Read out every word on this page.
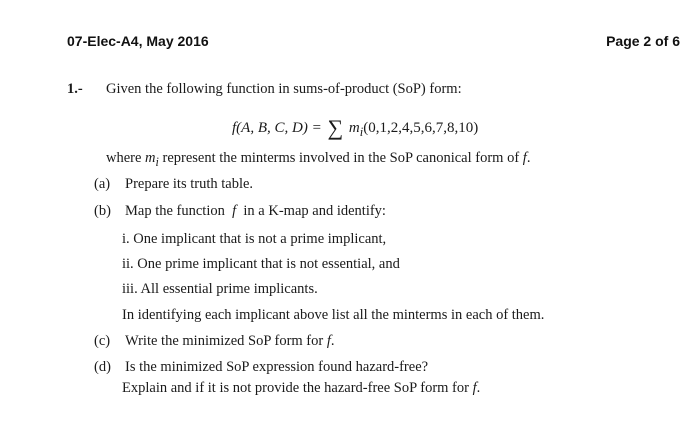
07-Elec-A4, May 2016	Page 2 of 6
1.- Given the following function in sums-of-product (SoP) form:
f(A, B, C, D) = ∑ $m_i(0,1,2,4,5,6,7,8,10)$
where $m_i$ represent the minterms involved in the SoP canonical form of f.
(a) Prepare its truth table.
(b) Map the function f in a K-map and identify:
i. One implicant that is not a prime implicant,
ii. One prime implicant that is not essential, and
iii. All essential prime implicants.
In identifying each implicant above list all the minterms in each of them.
(c) Write the minimized SoP form for f.
(d) Is the minimized SoP expression found hazard-free?
Explain and if it is not provide the hazard-free SoP form for f.
